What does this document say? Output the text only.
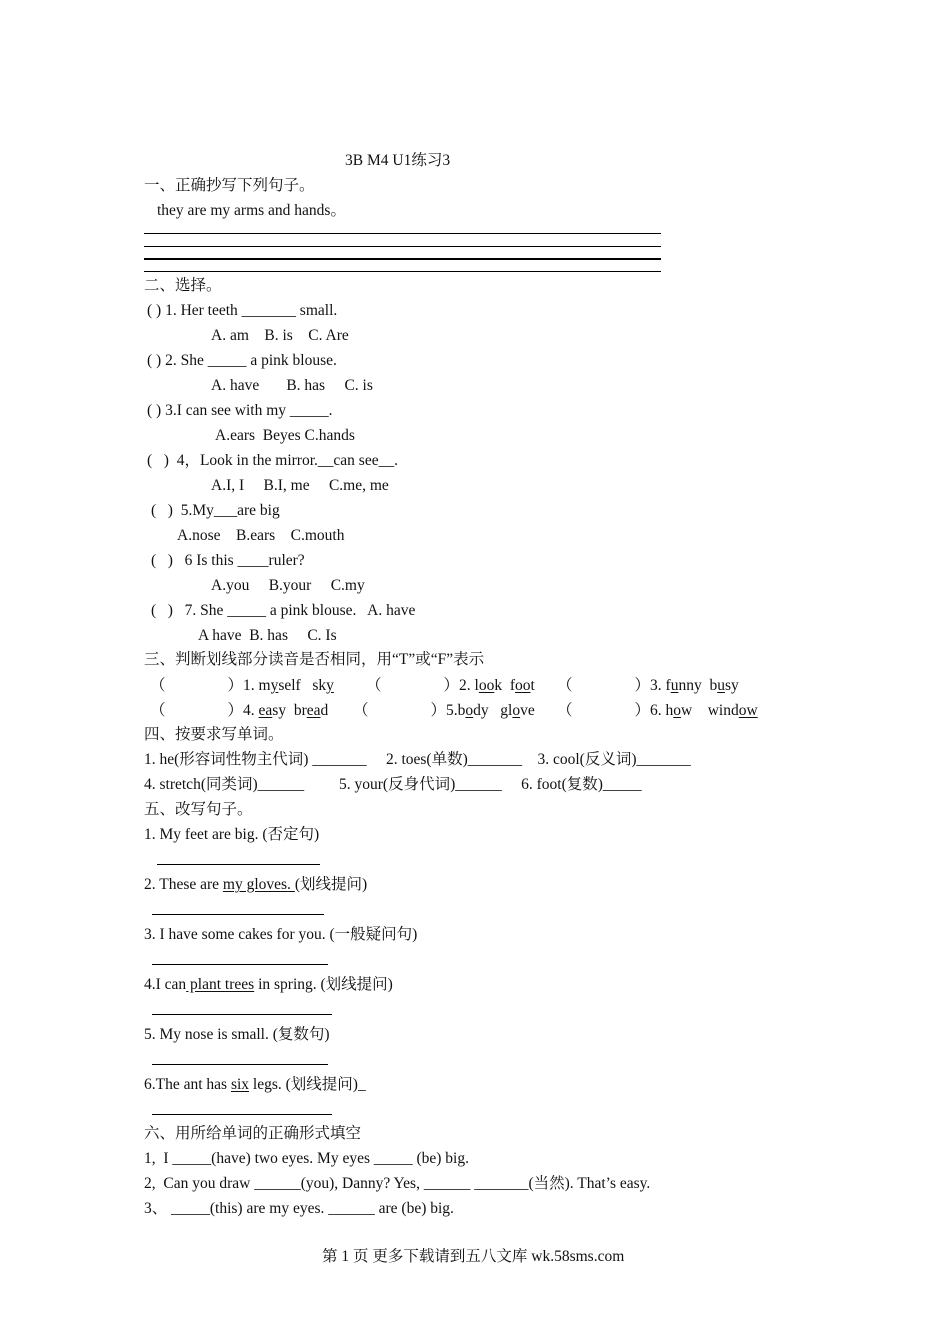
3B M4 U1练习3
一、正确抄写下列句子。
they are my arms and hands。
二、选择。
( ) 1. Her teeth _______ small.
A. am    B. is    C. Are
( ) 2. She _____ a pink blouse.
A. have       B. has     C. is
( ) 3.I can see with my _____.
A.ears  Beyes C.hands
(   )  4，Look in the mirror.__can see__.
A.I, I     B.I, me     C.me, me
(   )  5.My___are big
A.nose    B.ears    C.mouth
(   )   6 Is this ____ruler?
A.you     B.your     C.my
(   )   7. She _____ a pink blouse.   A. have
A have  B. has     C. Is
三、判断划线部分读音是否相同，用“T”或“F”表示
（	）1. myself sky （	）2. look foot （	）3. funny busy
（	）4. easy bread （	）5.body glove （	）6. how window
四、按要求写单词。
1. he(形容词性物主代词) _______     2. toes(单数)_______    3. cool(反义词)_______
4. stretch(同类词)______         5. your(反身代词)______     6. foot(复数)_____
五、改写句子。
1. My feet are big. (否定句)
2. These are my gloves. (划线提问)
3. I have some cakes for you. (一般疑问句)
4.I can plant trees in spring. (划线提问)
5. My nose is small. (复数句)
6.The ant has six legs. (划线提问)_
六、用所给单词的正确形式填空
1,  I _____(have) two eyes. My eyes _____ (be) big.
2,  Can you draw ______(you), Danny? Yes, ______ _______(当然). That’s easy.
3、 _____(this) are my eyes. ______ are (be) big.
第 1 页 更多下载请到五八文库 wk.58sms.com
